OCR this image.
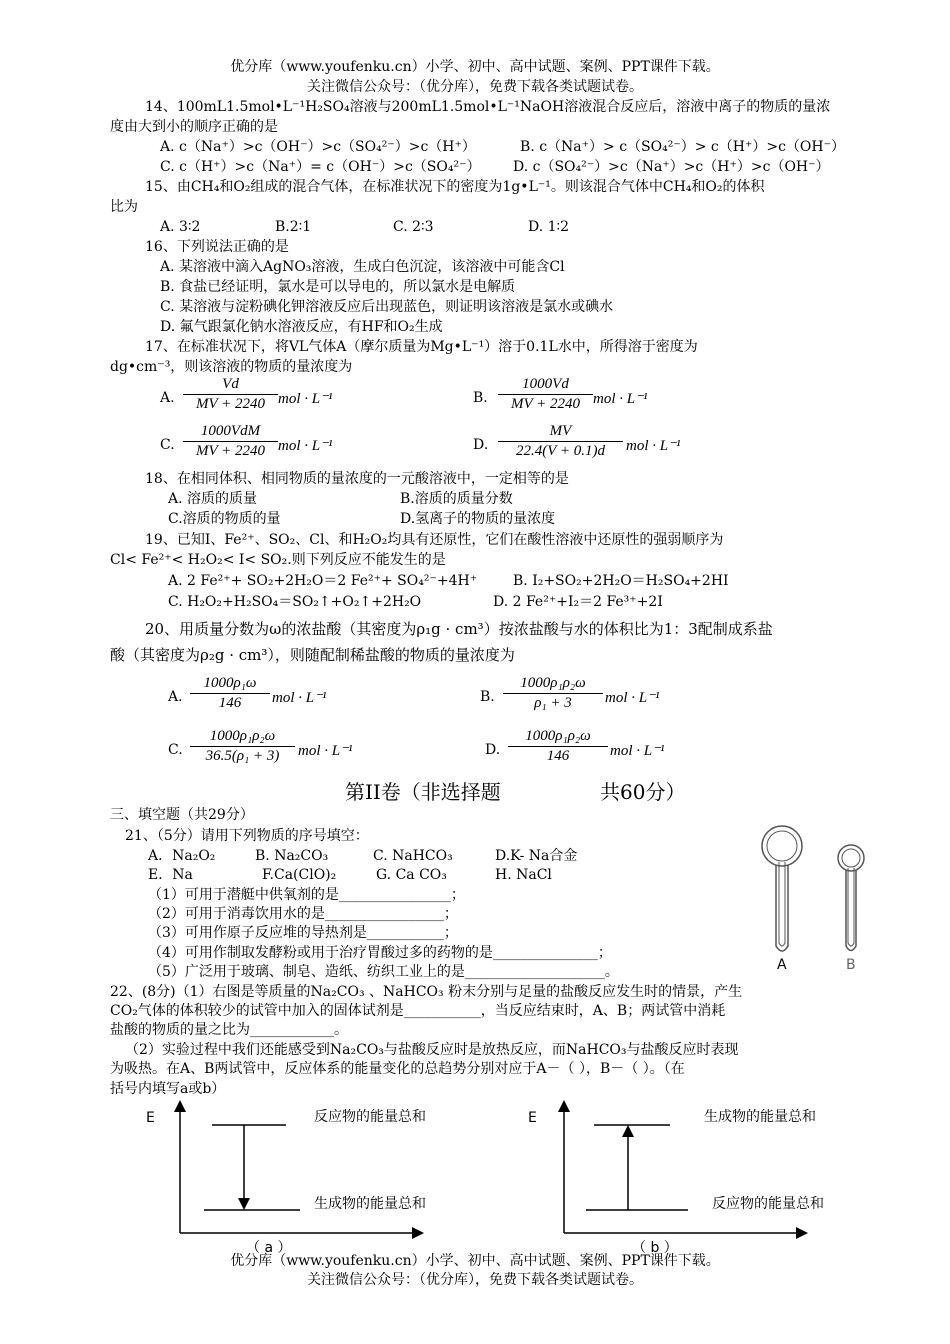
优分库（www.youfenku.cn）小学、初中、高中试题、案例、PPT课件下载。
关注微信公众号：（优分库），免费下载各类试题试卷。
14、100mL1.5mol•L⁻¹H₂SO₄溶液与200mL1.5mol•L⁻¹NaOH溶液混合反应后，溶液中离子的物质的量浓
度由大到小的顺序正确的是
A. c（Na⁺）>c（OH⁻）>c（SO₄²⁻）>c（H⁺）	B. c（Na⁺）> c（SO₄²⁻）> c（H⁺）>c（OH⁻）
C. c（H⁺）>c（Na⁺）= c（OH⁻）>c（SO₄²⁻） D. c（SO₄²⁻）>c（Na⁺）>c（H⁺）>c（OH⁻）
15、由CH₄和O₂组成的混合气体，在标准状况下的密度为1g•L⁻¹。则该混合气体中CH₄和O₂的体积
比为
A. 3∶2	B.2∶1	C. 2∶3	D. 1∶2
16、下列说法正确的是
A. 某溶液中滴入AgNO₃溶液，生成白色沉淀，该溶液中可能含Cl
B. 食盐已经证明，氯水是可以导电的，所以氯水是电解质
C. 某溶液与淀粉碘化钾溶液反应后出现蓝色，则证明该溶液是氯水或碘水
D. 氟气跟氯化钠水溶液反应，有HF和O₂生成
17、在标准状况下，将VL气体A（摩尔质量为Mg•L⁻¹）溶于0.1L水中，所得溶于密度为
dg•cm⁻³，则该溶液的物质的量浓度为
A. $\frac{Vd}{MV + 2240}$ mol · L⁻¹	B. $\frac{1000Vd}{MV + 2240}$ mol · L⁻¹
C.
1000VdM
MV + 2240 mol · L⁻¹	D. $\frac{MV}{22.4(V + 0.1)d}$ mol · L⁻¹
18、在相同体积、相同物质的量浓度的一元酸溶液中，一定相等的是
A. 溶质的质量	B.溶质的质量分数
C.溶质的物质的量	D.氢离子的物质的量浓度
19、已知I、Fe²⁺、SO₂、Cl、和H₂O₂均具有还原性，它们在酸性溶液中还原性的强弱顺序为
Cl< Fe²⁺< H₂O₂< I< SO₂.则下列反应不能发生的是
A. 2 Fe²⁺+ SO₂+2H₂O＝2 Fe²⁺+ SO₄²⁻+4H⁺	B. I₂+SO₂+2H₂O＝H₂SO₄+2HI
C. H₂O₂+H₂SO₄＝SO₂↑+O₂↑+2H₂O	D. 2 Fe²⁺+I₂＝2 Fe³⁺+2I
20、用质量分数为ω的浓盐酸（其密度为ρ₁g · cm³）按浓盐酸与水的体积比为1：3配制成系盐
酸（其密度为ρ₂g · cm³），则随配制稀盐酸的物质的量浓度为
A. $\frac{\text{1000ρ₁ω}}{146}$ mol · L⁻¹	B. $\frac{\text{1000ρ₁ρ₂ω}}{\text{ρ₁ + 3}}$ mol · L⁻¹
C. $\frac{\text{1000ρ₁ρ₂ω}}{\text{36.5(ρ₁ + 3)}}$ mol · L⁻¹	D. $\frac{\text{1000ρ₁ρ₂ω}}{146}$ mol · L⁻¹
第II卷（非选择题	共60分）
三、填空题（共29分）
21、（5分）请用下列物质的序号填空：
A．Na₂O₂	B. Na₂CO₃	C. NaHCO₃	D.K- Na合金
E．Na	F.Ca(ClO)₂	G. Ca CO₃	H. NaCl
（1）可用于潜艇中供氧剂的是________________；
（2）可用于消毒饮用水的是_________________；
（3）可用作原子反应堆的导热剂是___________；
（4）可用作制取发酵粉或用于治疗胃酸过多的药物的是_______________；
（5）广泛用于玻璃、制皂、造纸、纺织工业上的是____________________。	A	B
22、(8分)（1）右图是等质量的Na₂CO₃ 、NaHCO₃ 粉末分别与足量的盐酸反应发生时的情景，产生
CO₂气体的体积较少的试管中加入的固体试剂是___________，当反应结束时，A、B；两试管中消耗
盐酸的物质的量之比为____________。
（2）实验过程中我们还能感受到Na₂CO₃与盐酸反应时是放热反应，而NaHCO₃与盐酸反应时表现
为吸热。在A、B两试管中，反应体系的能量变化的总趋势分别对应于A－（ ），B－（ ）。（在
括号内填写a或b）
E	反应物的能量总和
生成物的能量总和
（ a ）
E	生成物的能量总和
反应物的能量总和
（ b ）
优分库（www.youfenku.cn）小学、初中、高中试题、案例、PPT课件下载。
关注微信公众号：（优分库），免费下载各类试题试卷。
